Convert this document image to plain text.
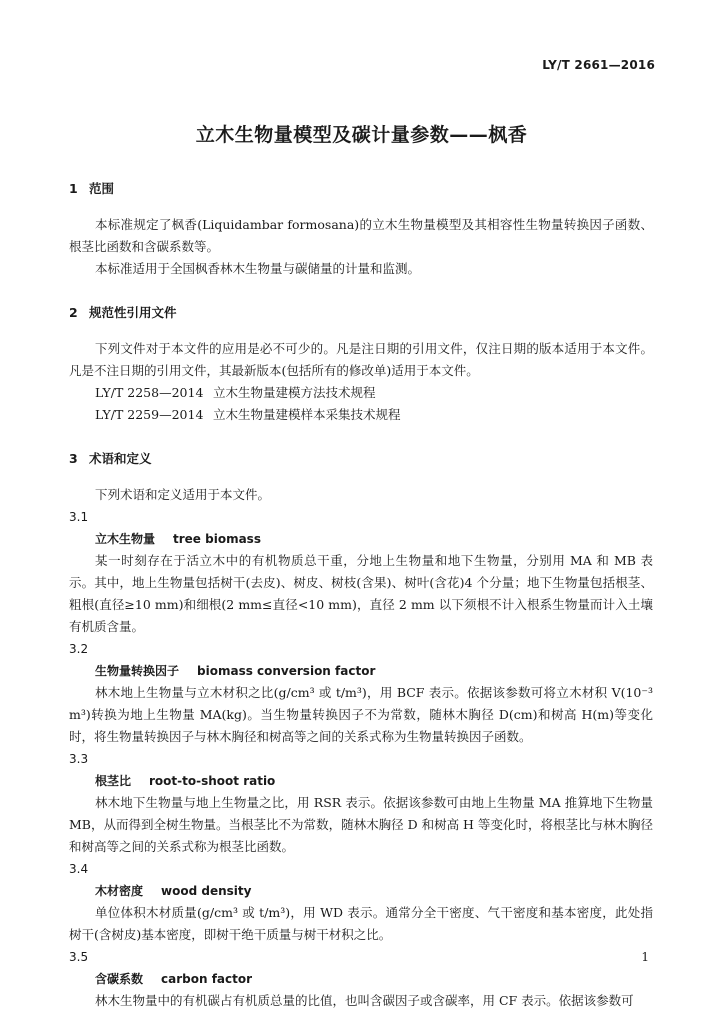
LY/T 2661—2016
立木生物量模型及碳计量参数——枫香

1 范围

本标准规定了枫香(Liquidambar formosana)的立木生物量模型及其相容性生物量转换因子函数、根茎比函数和含碳系数等。

本标准适用于全国枫香林木生物量与碳储量的计量和监测。

2 规范性引用文件

下列文件对于本文件的应用是必不可少的。凡是注日期的引用文件，仅注日期的版本适用于本文件。凡是不注日期的引用文件，其最新版本(包括所有的修改单)适用于本文件。

LY/T 2258—2014 立木生物量建模方法技术规程

LY/T 2259—2014 立木生物量建模样本采集技术规程

3 术语和定义

下列术语和定义适用于本文件。

3.1

立木生物量 tree biomass

某一时刻存在于活立木中的有机物质总干重，分地上生物量和地下生物量，分别用 MA 和 MB 表示。其中，地上生物量包括树干(去皮)、树皮、树枝(含果)、树叶(含花)4 个分量；地下生物量包括根茎、粗根(直径≥10 mm)和细根(2 mm≤直径<10 mm)，直径 2 mm 以下须根不计入根系生物量而计入土壤有机质含量。

3.2

生物量转换因子 biomass conversion factor

林木地上生物量与立木材积之比(g/cm³ 或 t/m³)，用 BCF 表示。依据该参数可将立木材积 V(10⁻³ m³)转换为地上生物量 MA(kg)。当生物量转换因子不为常数，随林木胸径 D(cm)和树高 H(m)等变化时，将生物量转换因子与林木胸径和树高等之间的关系式称为生物量转换因子函数。

3.3

根茎比 root-to-shoot ratio

林木地下生物量与地上生物量之比，用 RSR 表示。依据该参数可由地上生物量 MA 推算地下生物量 MB，从而得到全树生物量。当根茎比不为常数，随林木胸径 D 和树高 H 等变化时，将根茎比与林木胸径和树高等之间的关系式称为根茎比函数。

3.4

木材密度 wood density

单位体积木材质量(g/cm³ 或 t/m³)，用 WD 表示。通常分全干密度、气干密度和基本密度，此处指树干(含树皮)基本密度，即树干绝干质量与树干材积之比。

3.5

含碳系数 carbon factor

林木生物量中的有机碳占有机质总量的比值，也叫含碳因子或含碳率，用 CF 表示。依据该参数可

1
